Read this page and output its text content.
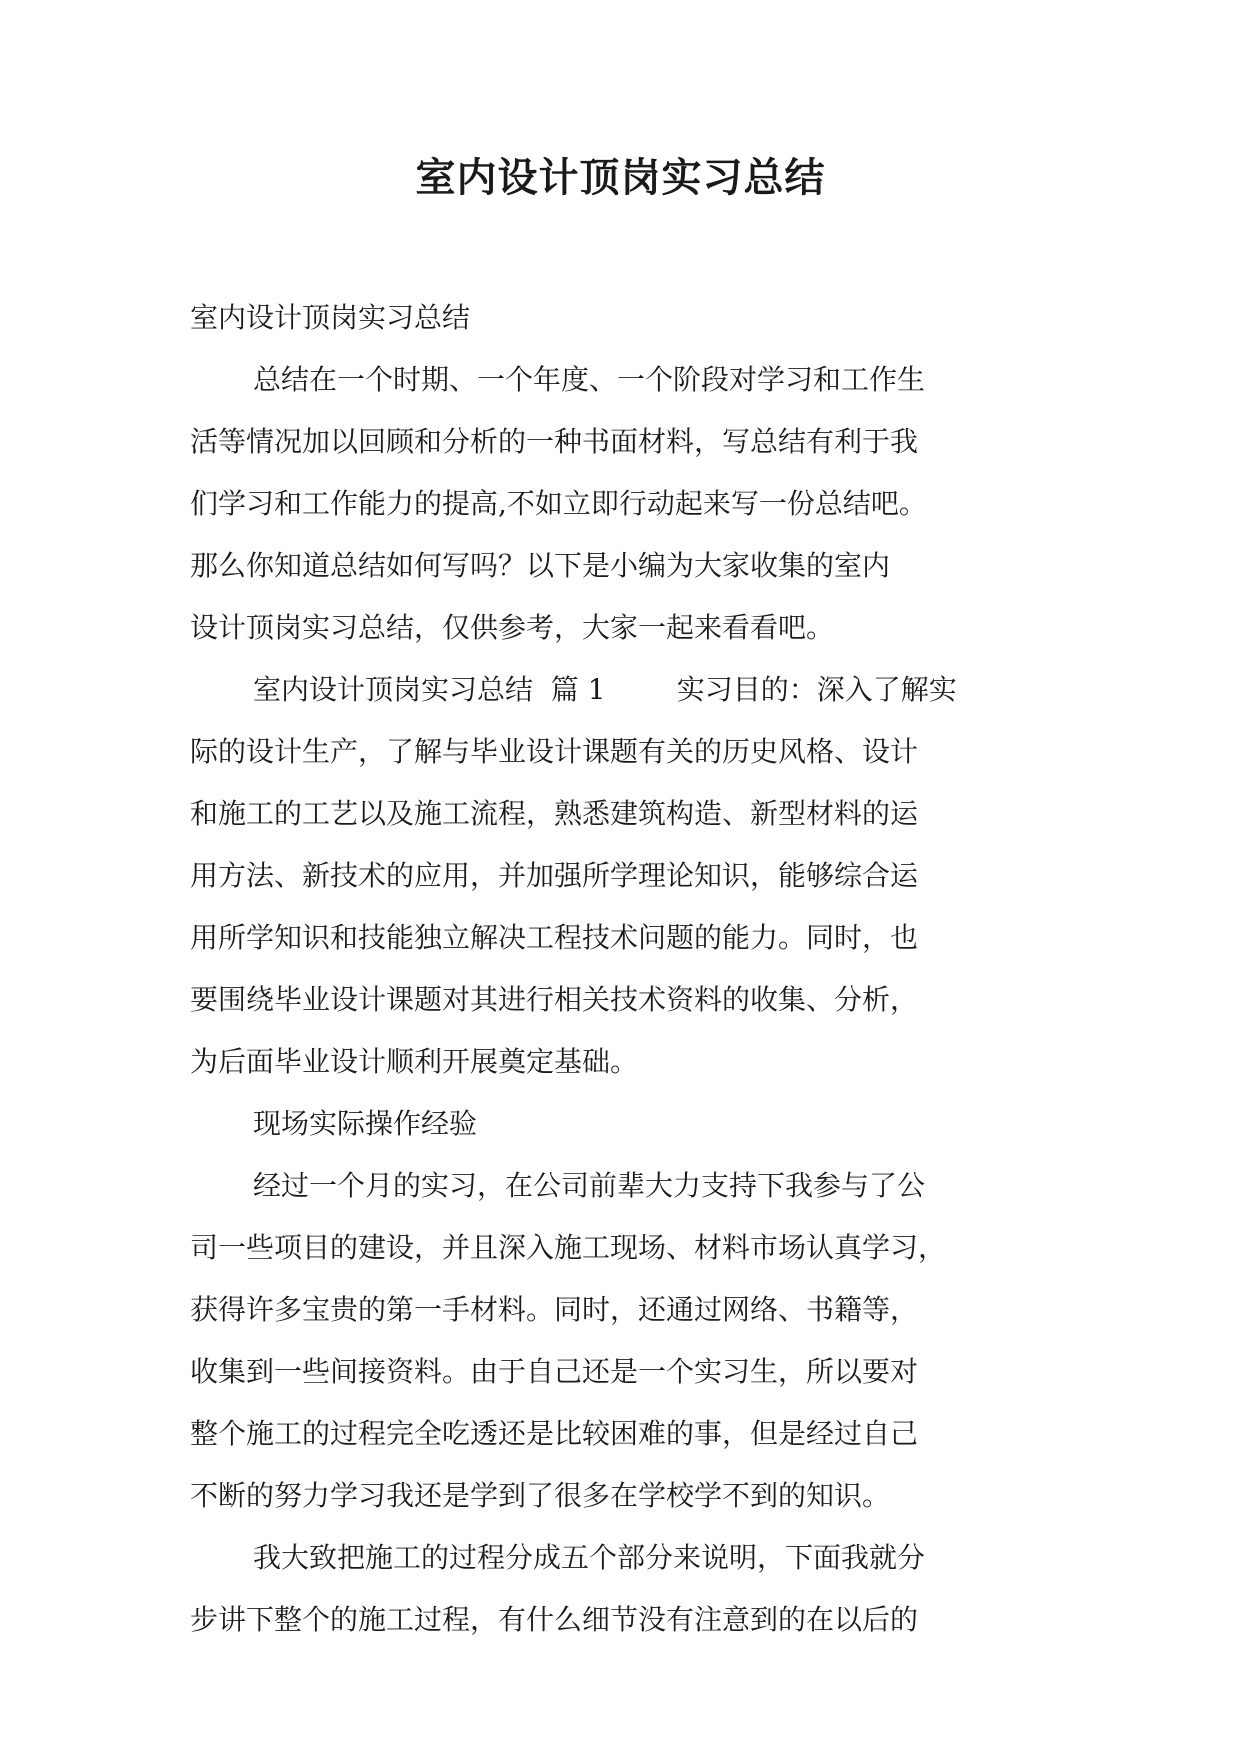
室内设计顶岗实习总结
室内设计顶岗实习总结
总结在一个时期、一个年度、一个阶段对学习和工作生
活等情况加以回顾和分析的一种书面材料，写总结有利于我
们学习和工作能力的提高,不如立即行动起来写一份总结吧。
那么你知道总结如何写吗？以下是小编为大家收集的室内
设计顶岗实习总结，仅供参考，大家一起来看看吧。
室内设计顶岗实习总结  篇 1        实习目的：深入了解实
际的设计生产，了解与毕业设计课题有关的历史风格、设计
和施工的工艺以及施工流程，熟悉建筑构造、新型材料的运
用方法、新技术的应用，并加强所学理论知识，能够综合运
用所学知识和技能独立解决工程技术问题的能力。同时，也
要围绕毕业设计课题对其进行相关技术资料的收集、分析，
为后面毕业设计顺利开展奠定基础。
现场实际操作经验
经过一个月的实习，在公司前辈大力支持下我参与了公
司一些项目的建设，并且深入施工现场、材料市场认真学习，
获得许多宝贵的第一手材料。同时，还通过网络、书籍等，
收集到一些间接资料。由于自己还是一个实习生，所以要对
整个施工的过程完全吃透还是比较困难的事，但是经过自己
不断的努力学习我还是学到了很多在学校学不到的知识。
我大致把施工的过程分成五个部分来说明，下面我就分
步讲下整个的施工过程，有什么细节没有注意到的在以后的
